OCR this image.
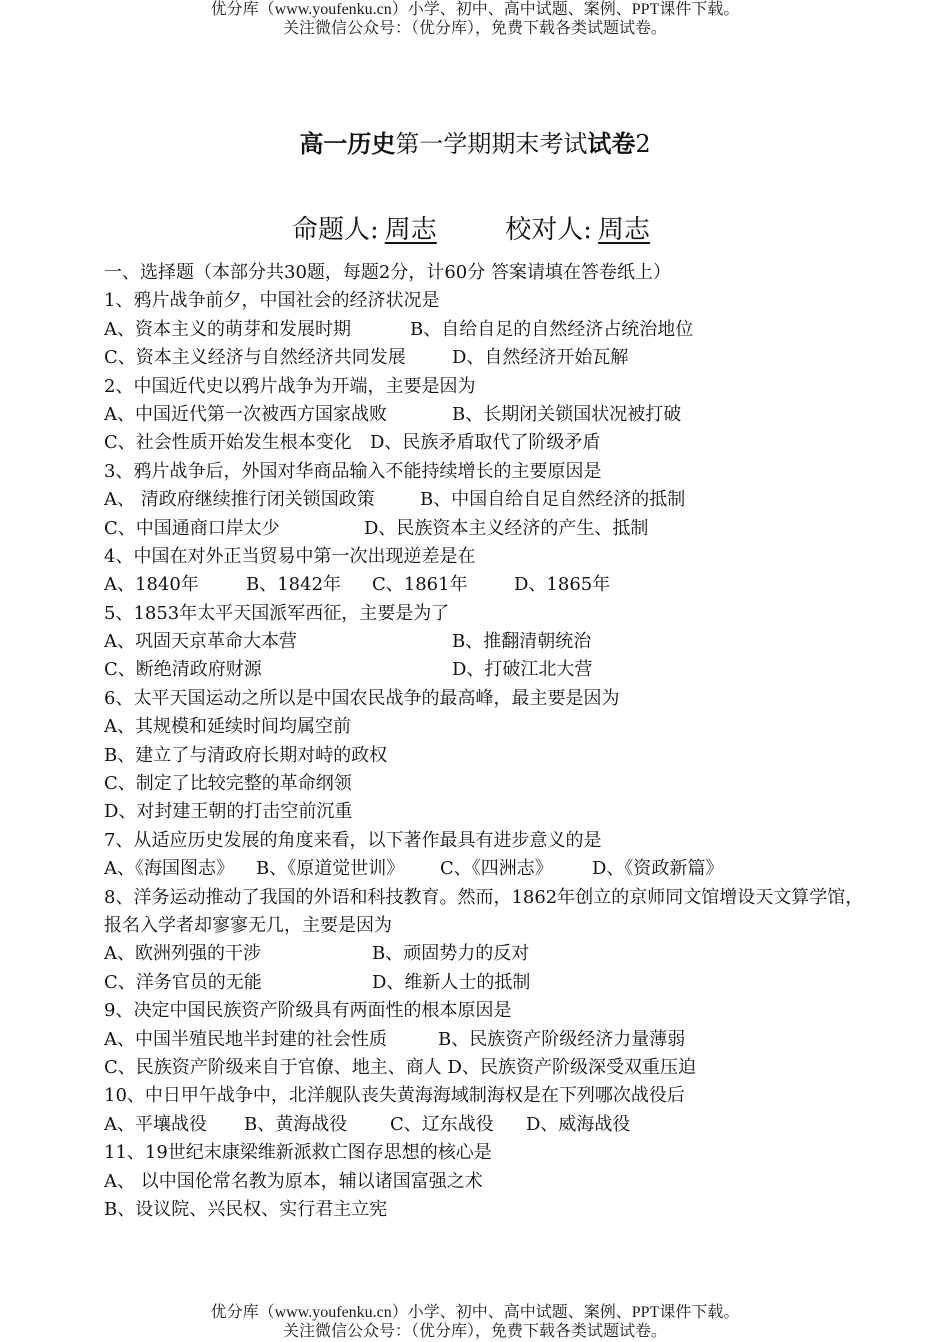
优分库（www.youfenku.cn）小学、初中、高中试题、案例、PPT课件下载。
关注微信公众号：（优分库），免费下载各类试题试卷。
高一历史第一学期期末考试试卷2
命题人: 周志	校对人: 周志
一、选择题（本部分共30题，每题2分，计60分 答案请填在答卷纸上）
1、鸦片战争前夕，中国社会的经济状况是
A、资本主义的萌芽和发展时期	B、自给自足的自然经济占统治地位
C、资本主义经济与自然经济共同发展	D、自然经济开始瓦解
2、中国近代史以鸦片战争为开端，主要是因为
A、中国近代第一次被西方国家战败	B、长期闭关锁国状况被打破
C、社会性质开始发生根本变化 D、民族矛盾取代了阶级矛盾
3、鸦片战争后，外国对华商品输入不能持续增长的主要原因是
A、 清政府继续推行闭关锁国政策	B、中国自给自足自然经济的抵制
C、中国通商口岸太少	D、民族资本主义经济的产生、抵制
4、中国在对外正当贸易中第一次出现逆差是在
A、1840年	B、1842年 C、1861年	D、1865年
5、1853年太平天国派军西征，主要是为了
A、巩固天京革命大本营	B、推翻清朝统治
C、断绝清政府财源	D、打破江北大营
6、太平天国运动之所以是中国农民战争的最高峰，最主要是因为
A、其规模和延续时间均属空前
B、建立了与清政府长期对峙的政权
C、制定了比较完整的革命纲领
D、对封建王朝的打击空前沉重
7、从适应历史发展的角度来看，以下著作最具有进步意义的是
A、《海国图志》 B、《原道觉世训》 C、《四洲志》 D、《资政新篇》
8、洋务运动推动了我国的外语和科技教育。然而，1862年创立的京师同文馆增设天文算学馆，报名入学者却寥寥无几，主要是因为
A、欧洲列强的干涉	B、顽固势力的反对
C、洋务官员的无能	D、维新人士的抵制
9、决定中国民族资产阶级具有两面性的根本原因是
A、中国半殖民地半封建的社会性质	B、民族资产阶级经济力量薄弱
C、民族资产阶级来自于官僚、地主、商人 D、民族资产阶级深受双重压迫
10、中日甲午战争中，北洋舰队丧失黄海海域制海权是在下列哪次战役后
A、平壤战役 B、黄海战役 C、辽东战役 D、威海战役
11、19世纪末康梁维新派救亡图存思想的核心是
A、 以中国伦常名教为原本，辅以诸国富强之术
B、设议院、兴民权、实行君主立宪
优分库（www.youfenku.cn）小学、初中、高中试题、案例、PPT课件下载。
关注微信公众号：（优分库），免费下载各类试题试卷。
